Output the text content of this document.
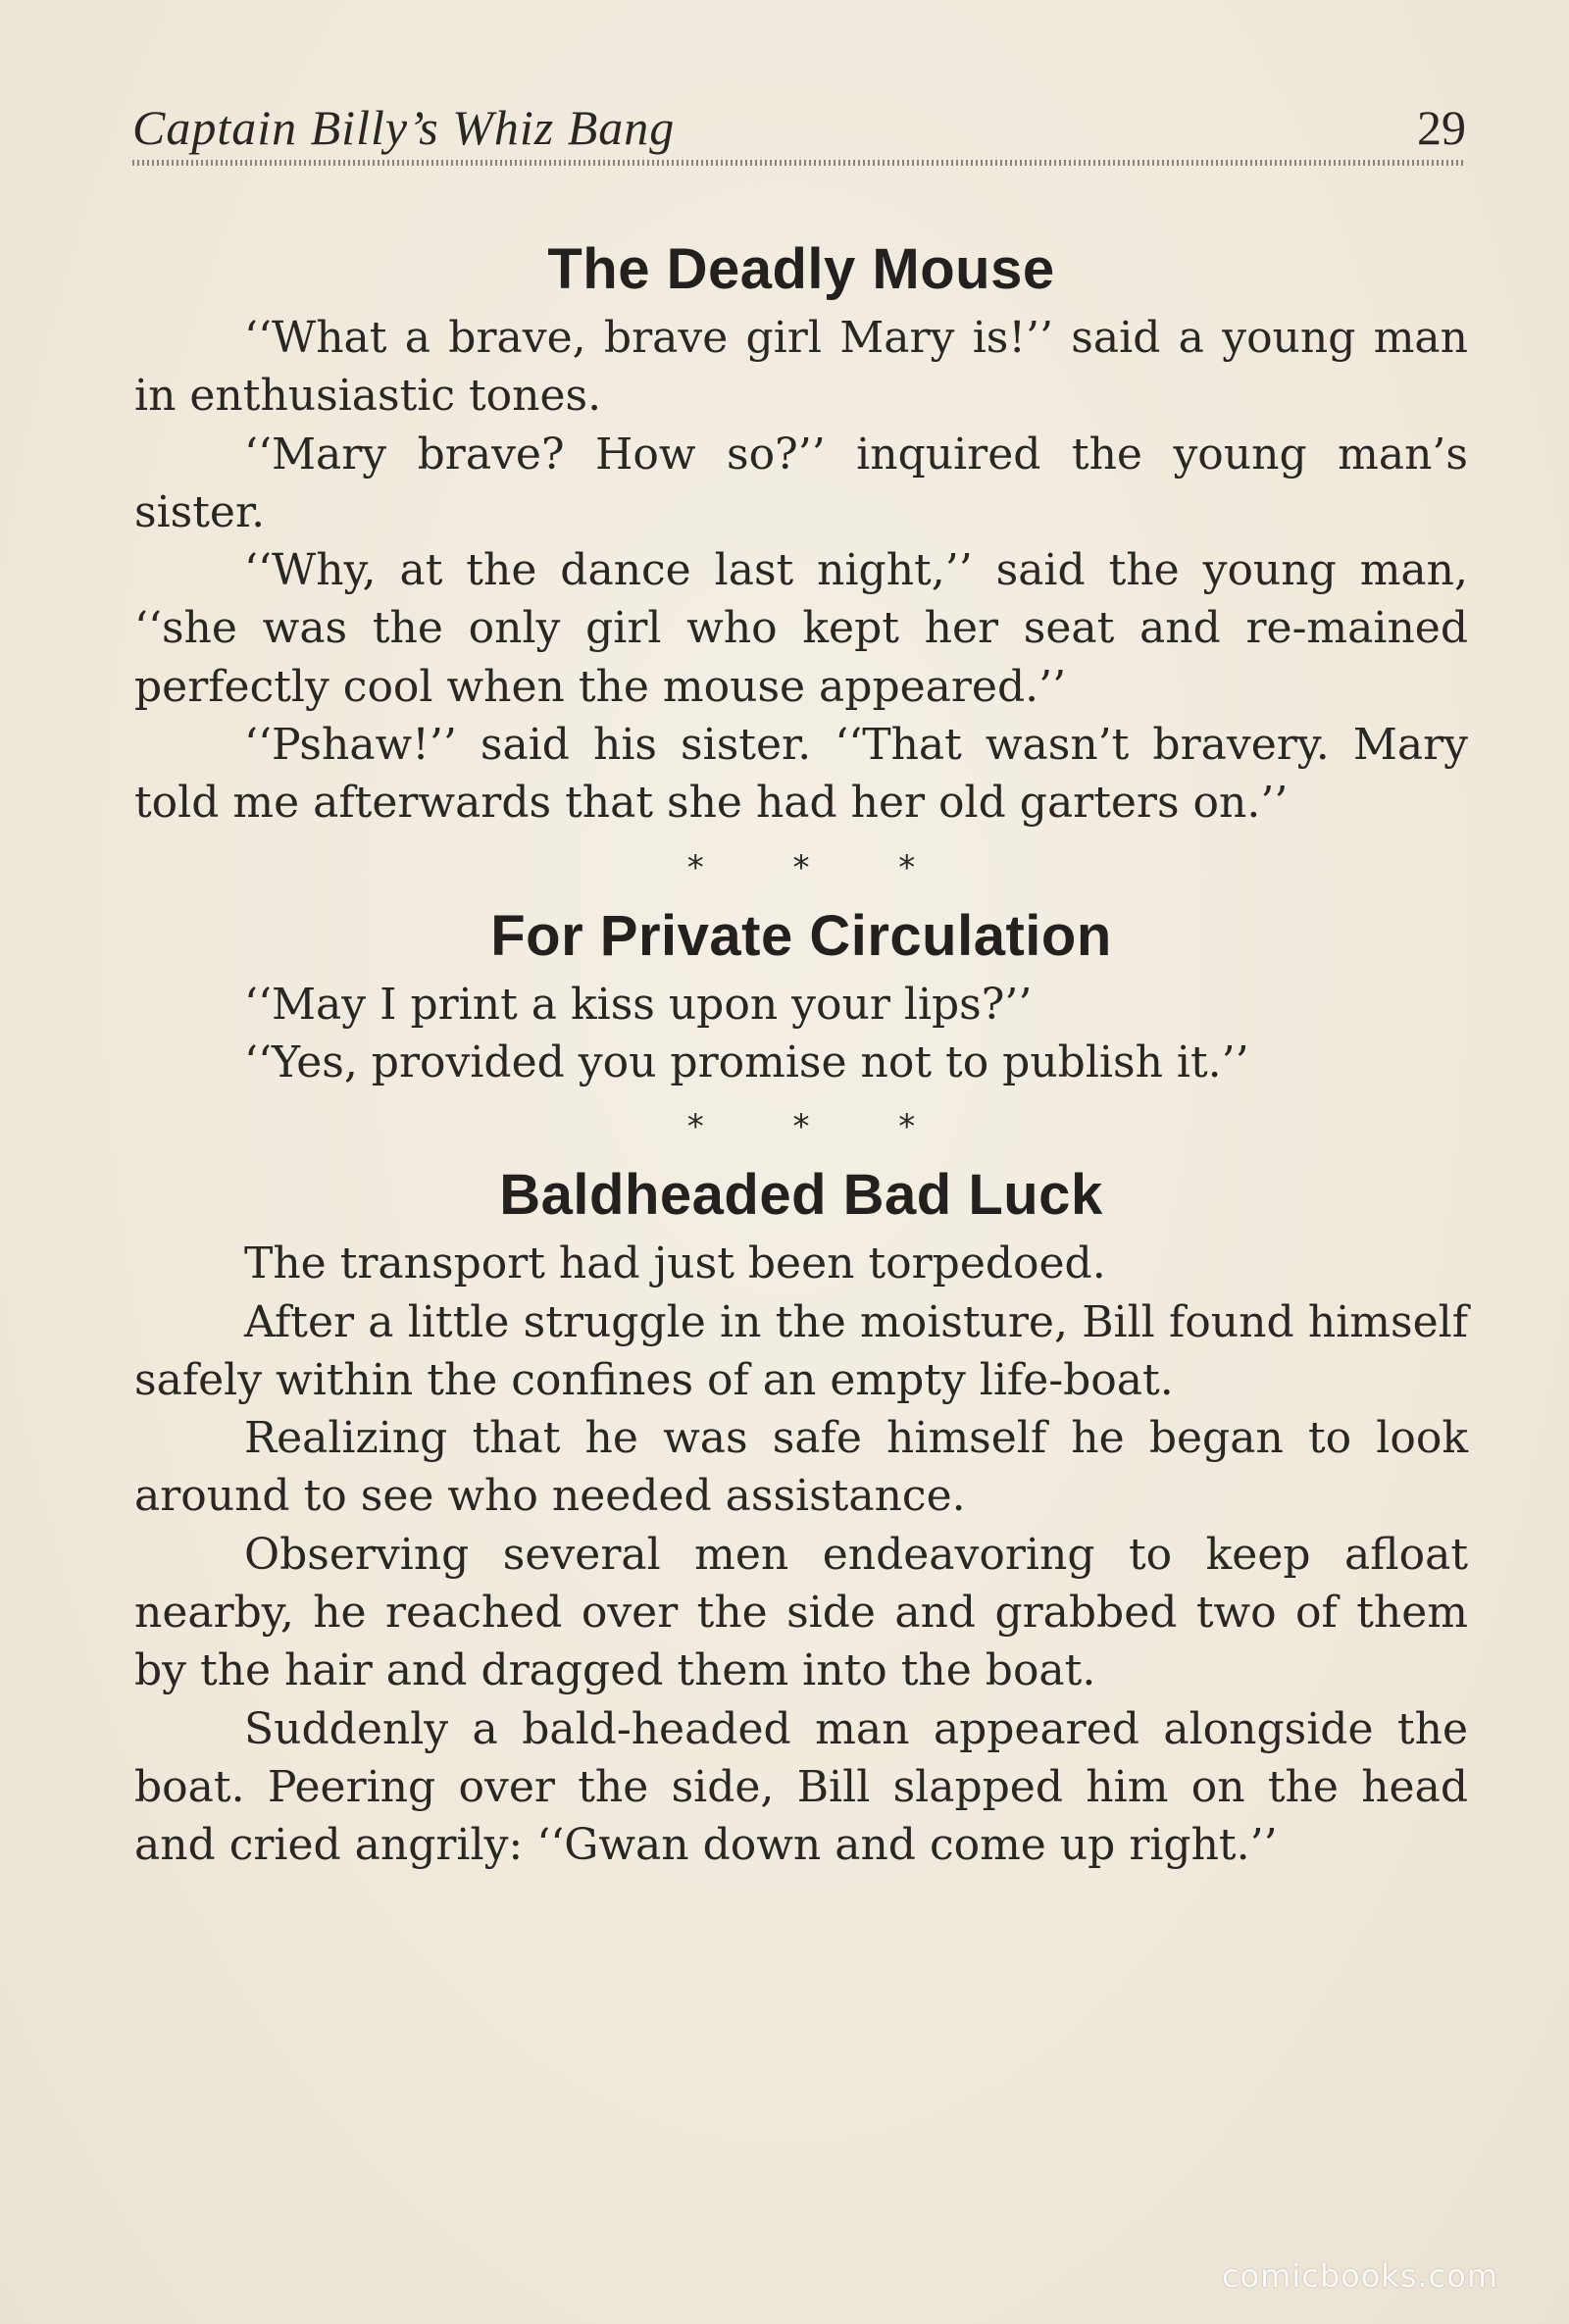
Captain Billy’s Whiz Bang	29
The Deadly Mouse

‘‘What a brave, brave girl Mary is!’’ said a young man in enthusiastic tones.

‘‘Mary brave? How so?’’ inquired the young man’s sister.

‘‘Why, at the dance last night,’’ said the young man, ‘‘she was the only girl who kept her seat and re-mained perfectly cool when the mouse appeared.’’

‘‘Pshaw!’’ said his sister. ‘‘That wasn’t bravery. Mary told me afterwards that she had her old garters on.’’

* * *
For Private Circulation

‘‘May I print a kiss upon your lips?’’

‘‘Yes, provided you promise not to publish it.’’

* * *
Baldheaded Bad Luck

The transport had just been torpedoed.

After a little struggle in the moisture, Bill found himself safely within the confines of an empty life-boat.

Realizing that he was safe himself he began to look around to see who needed assistance.

Observing several men endeavoring to keep afloat nearby, he reached over the side and grabbed two of them by the hair and dragged them into the boat.

Suddenly a bald-headed man appeared alongside the boat. Peering over the side, Bill slapped him on the head and cried angrily: ‘‘Gwan down and come up right.’’

comicbooks.com
